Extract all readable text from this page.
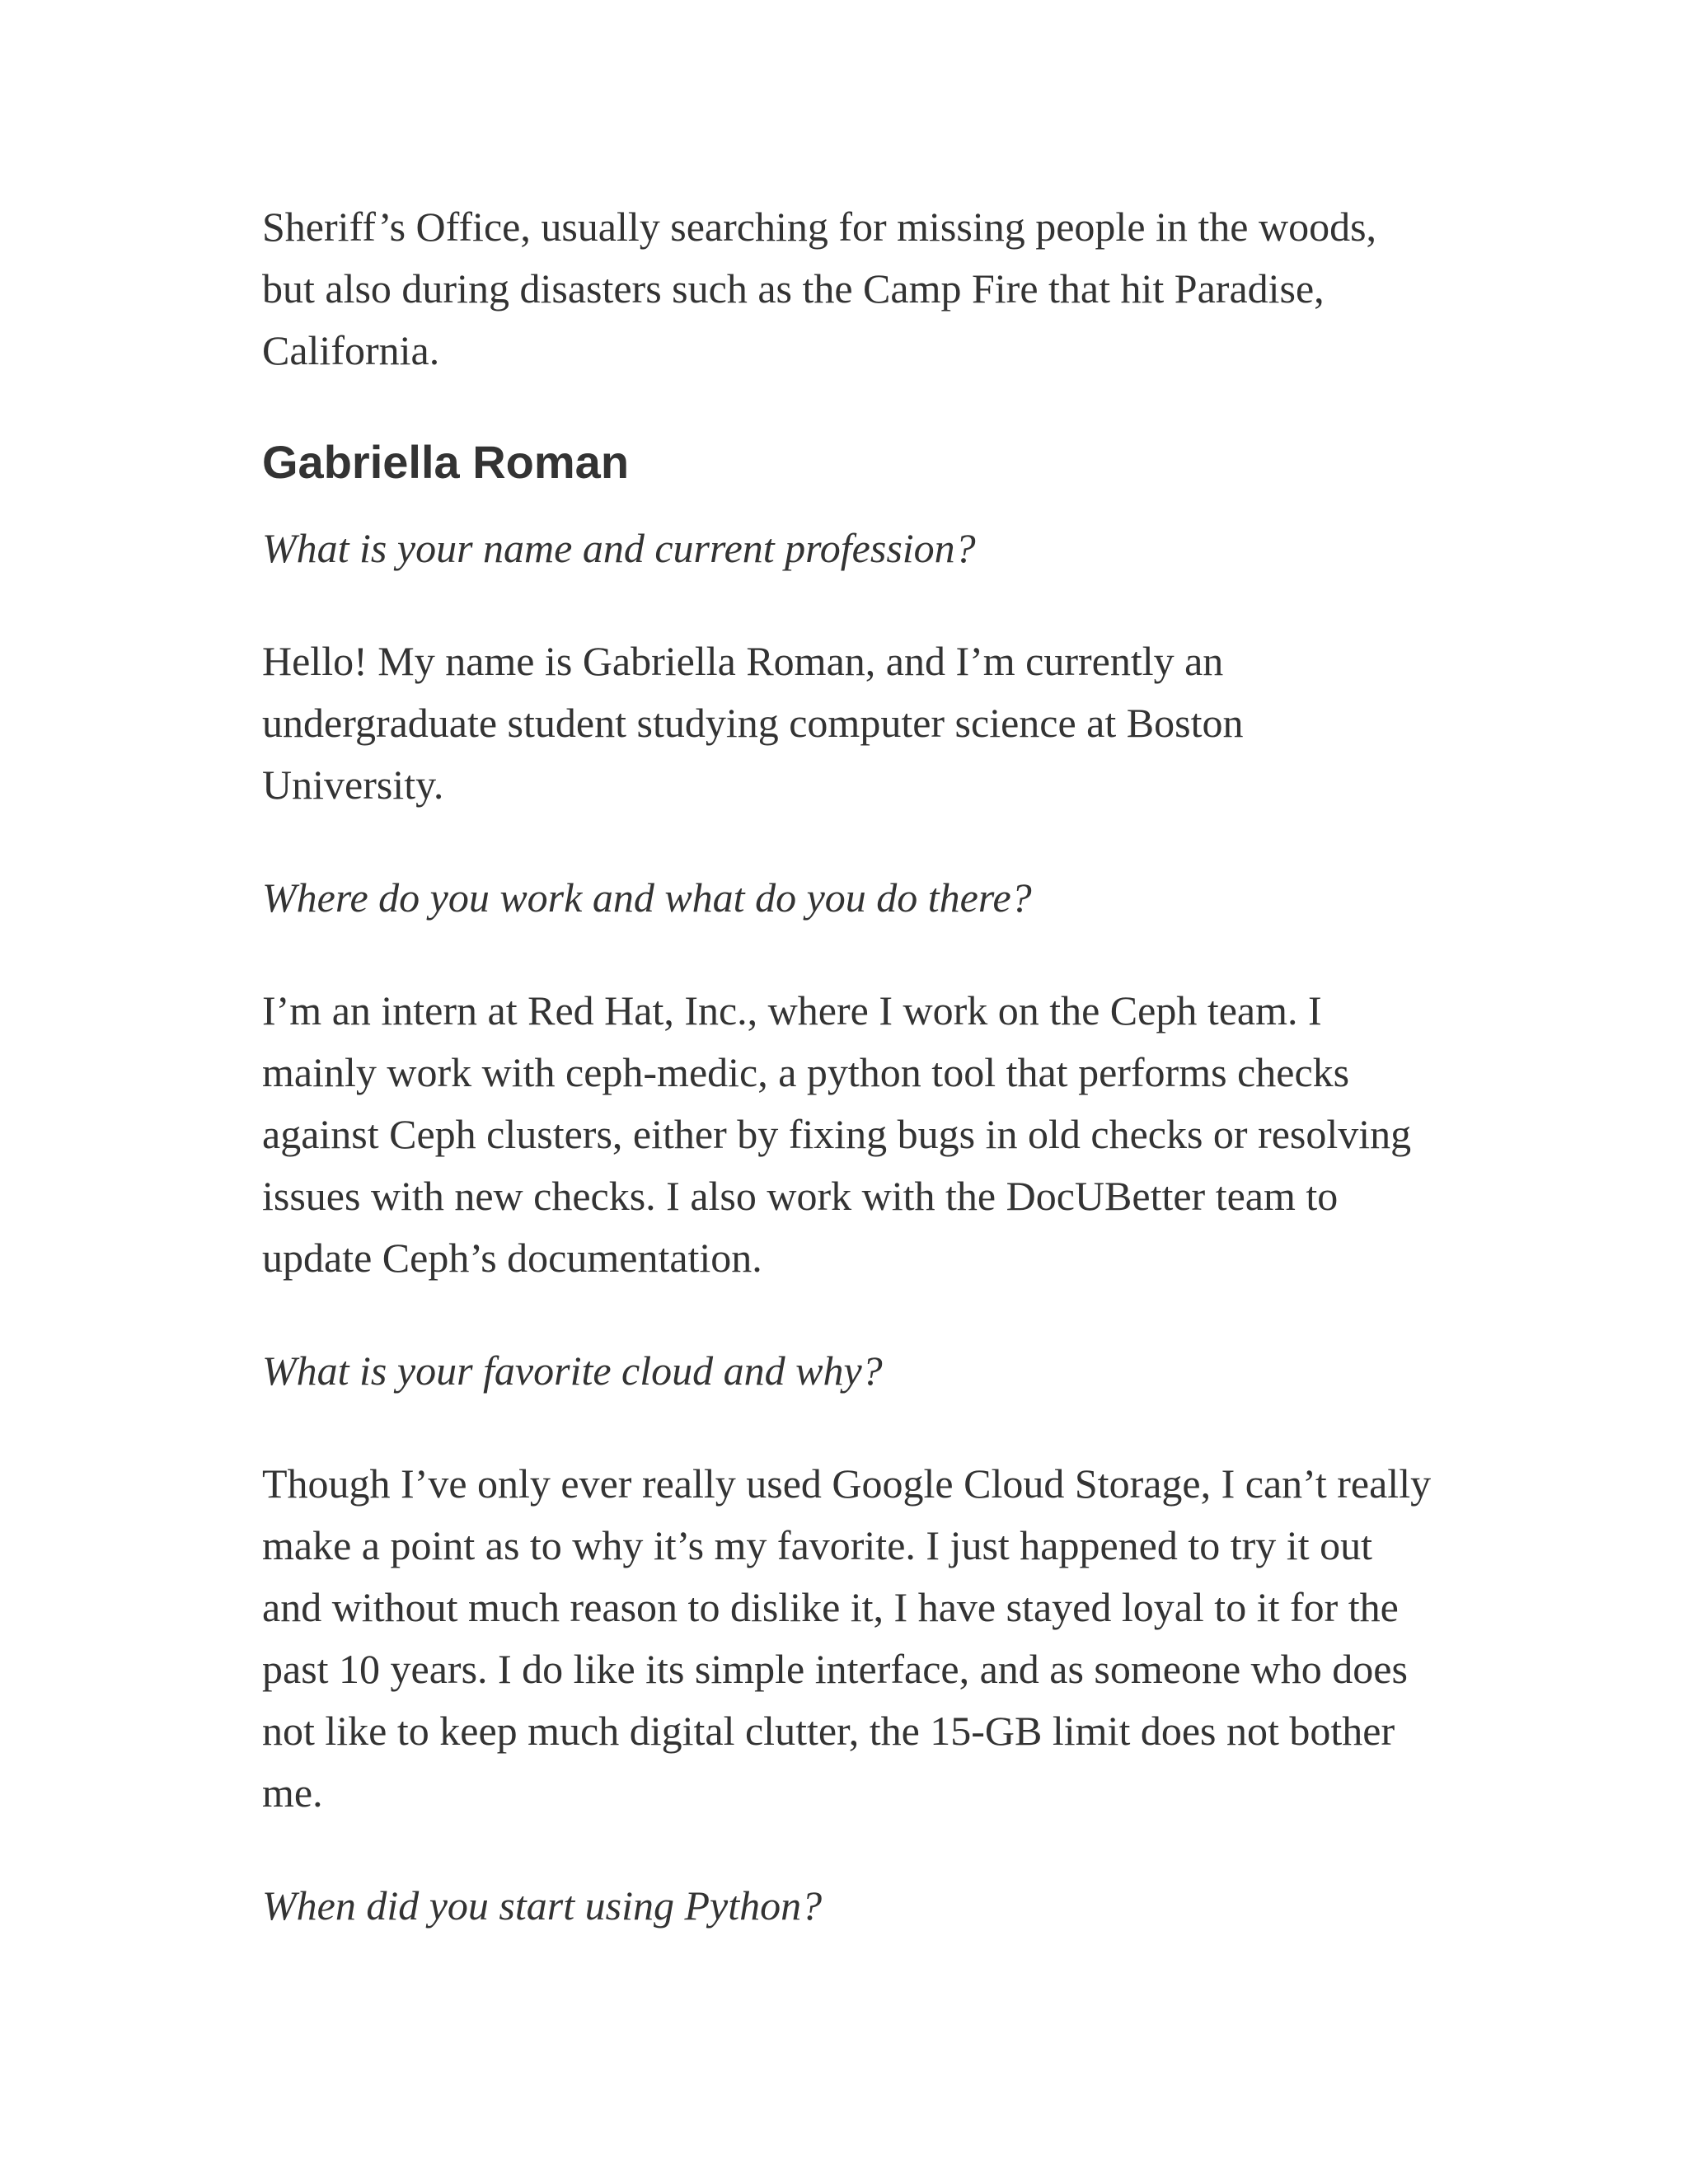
Sheriff’s Office, usually searching for missing people in the woods, but also during disasters such as the Camp Fire that hit Paradise, California.

Gabriella Roman

What is your name and current profession?

Hello! My name is Gabriella Roman, and I’m currently an undergraduate student studying computer science at Boston University.

Where do you work and what do you do there?

I’m an intern at Red Hat, Inc., where I work on the Ceph team. I mainly work with ceph-medic, a python tool that performs checks against Ceph clusters, either by fixing bugs in old checks or resolving issues with new checks. I also work with the DocUBetter team to update Ceph’s documentation.

What is your favorite cloud and why?

Though I’ve only ever really used Google Cloud Storage, I can’t really make a point as to why it’s my favorite. I just happened to try it out and without much reason to dislike it, I have stayed loyal to it for the past 10 years. I do like its simple interface, and as someone who does not like to keep much digital clutter, the 15-GB limit does not bother me.

When did you start using Python?
